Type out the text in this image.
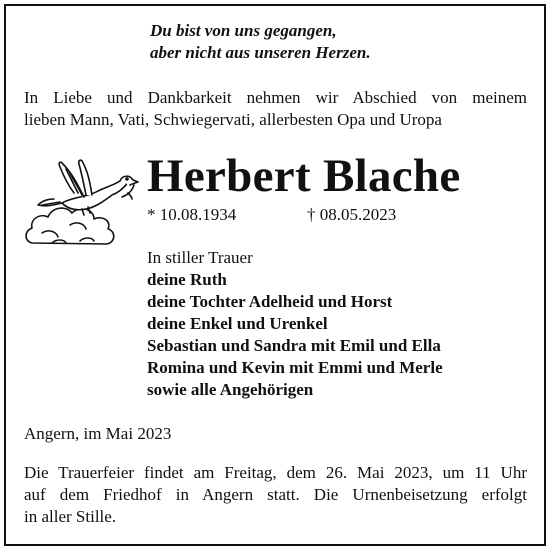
Du bist von uns gegangen,
aber nicht aus unseren Herzen.
In Liebe und Dankbarkeit nehmen wir Abschied von meinem
lieben Mann, Vati, Schwiegervati, allerbesten Opa und Uropa
Herbert Blache
* 10.08.1934	† 08.05.2023
In stiller Trauer
deine Ruth
deine Tochter Adelheid und Horst
deine Enkel und Urenkel
Sebastian und Sandra mit Emil und Ella
Romina und Kevin mit Emmi und Merle
sowie alle Angehörigen
Angern, im Mai 2023
Die Trauerfeier findet am Freitag, dem 26. Mai 2023, um 11 Uhr
auf dem Friedhof in Angern statt. Die Urnenbeisetzung erfolgt
in aller Stille.
